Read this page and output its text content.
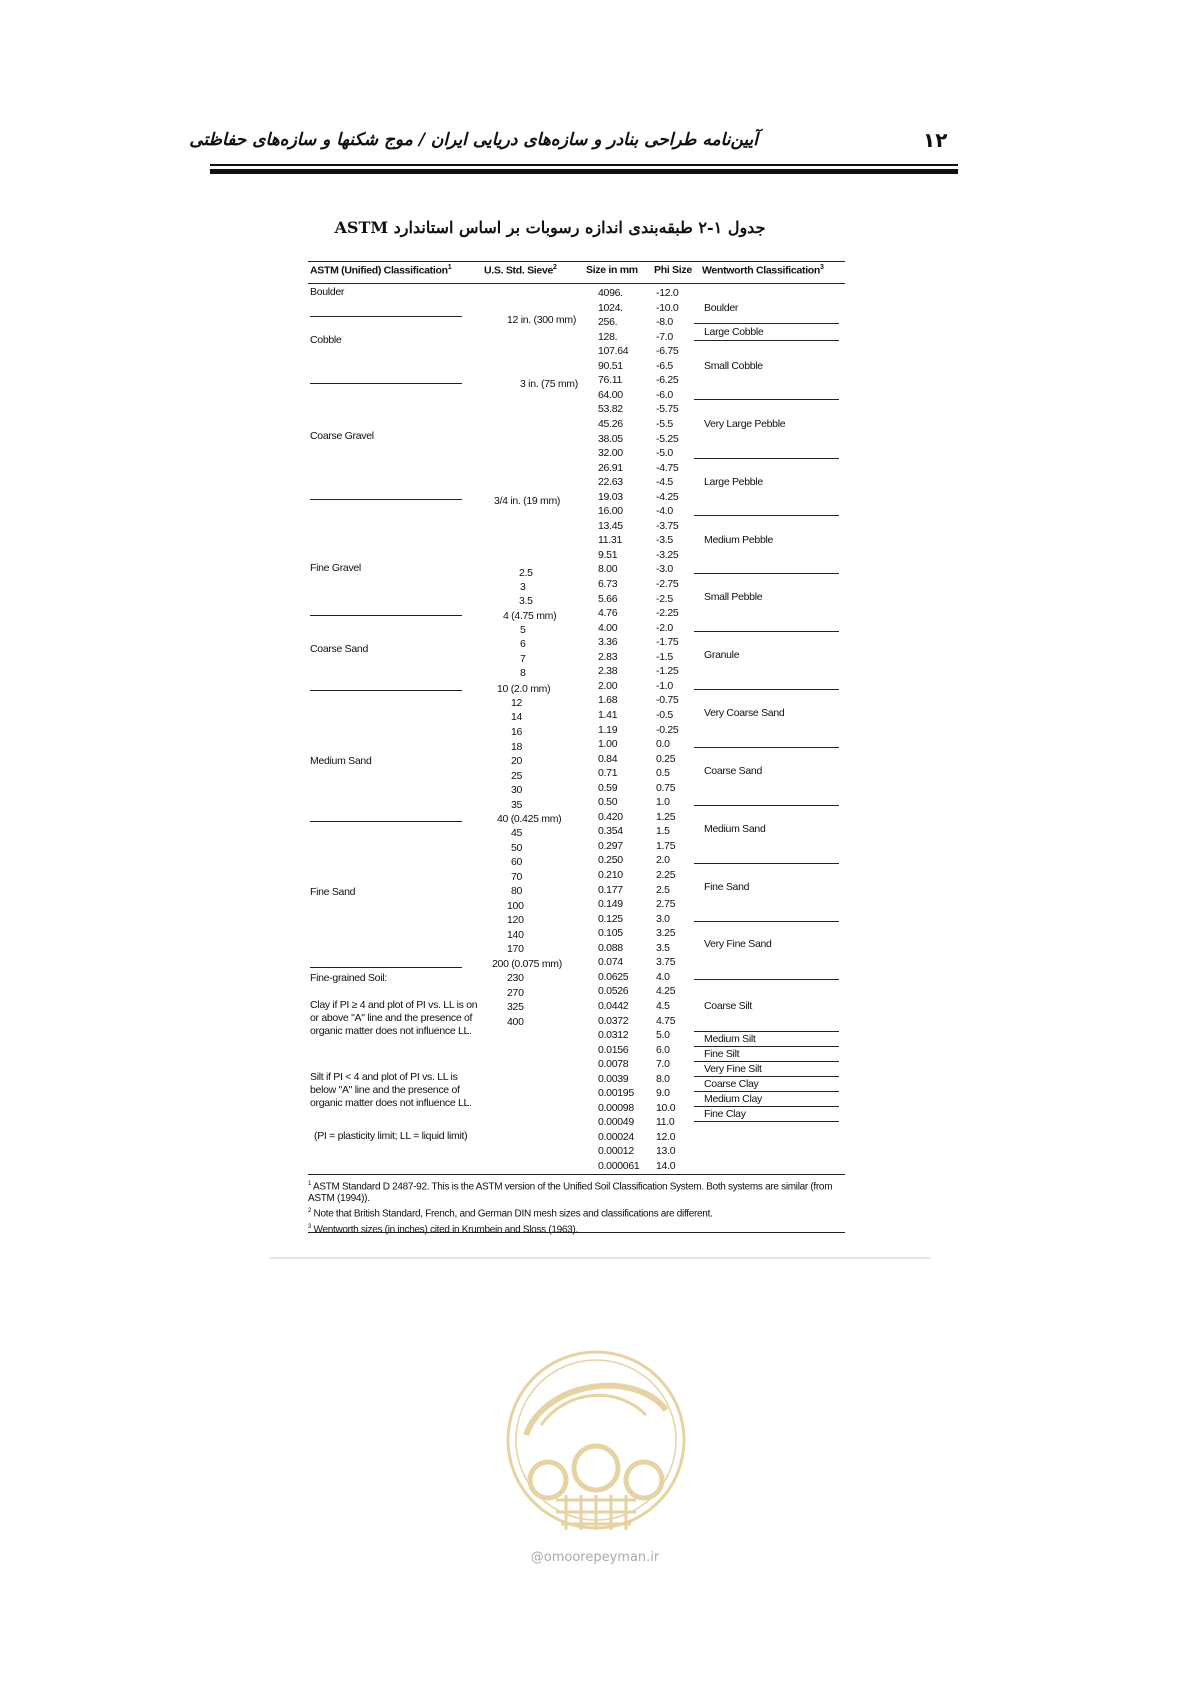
۱۲
آیین‌نامه طراحی بنادر و سازه‌های دریایی ایران / موج شکنها و سازه‌های حفاظتی
جدول ۱-۲ طبقه‌بندی اندازه رسوبات بر اساس استاندارد ASTM
ASTM (Unified) Classification$^1$	U.S. Std. Sieve$^2$	Size in mm Phi Size Wentworth Classification$^3$
4096.
1024.
256.
128.
107.64
90.51
76.11
64.00
53.82
45.26
38.05
32.00
26.91
22.63
19.03
16.00
13.45
11.31
9.51
8.00
6.73
5.66
4.76
4.00
3.36
2.83
2.38
2.00
1.68
1.41
1.19
1.00
0.84
0.71
0.59
0.50
0.420
0.354
0.297
0.250
0.210
0.177
0.149
0.125
0.105
0.088
0.074
0.0625
0.0526
0.0442
0.0372
0.0312
0.0156
0.0078
0.0039
0.00195
0.00098
0.00049
0.00024
0.00012
0.000061
-12.0
-10.0
-8.0
-7.0
-6.75
-6.5
-6.25
-6.0
-5.75
-5.5
-5.25
-5.0
-4.75
-4.5
-4.25
-4.0
-3.75
-3.5
-3.25
-3.0
-2.75
-2.5
-2.25
-2.0
-1.75
-1.5
-1.25
-1.0
-0.75
-0.5
-0.25
0.0
0.25
0.5
0.75
1.0
1.25
1.5
1.75
2.0
2.25
2.5
2.75
3.0
3.25
3.5
3.75
4.0
4.25
4.5
4.75
5.0
6.0
7.0
8.0
9.0
10.0
11.0
12.0
13.0
14.0
Boulder
Cobble
Coarse Gravel
Fine Gravel
Coarse Sand
Medium Sand
Fine Sand
Fine-grained Soil:
Clay if PI ≥ 4 and plot of PI vs. LL is on or above "A" line and the presence of organic matter does not influence LL.
Silt if PI < 4 and plot of PI vs. LL is below "A" line and the presence of organic matter does not influence LL.
(PI = plasticity limit; LL = liquid limit)
12 in. (300 mm)
3 in. (75 mm)
3/4 in. (19 mm)
2.5
3
3.5
4 (4.75 mm)
5
6
7
8
10 (2.0 mm)
12
14
16
18
20
25
30
35
40 (0.425 mm)
45
50
60
70
80
100
120
140
170
200 (0.075 mm)
230
270
325
400
Boulder
Large Cobble
Small Cobble
Very Large Pebble
Large Pebble
Medium Pebble
Small Pebble
Granule
Very Coarse Sand
Coarse Sand
Medium Sand
Fine Sand
Very Fine Sand
Coarse Silt
Medium Silt
Fine Silt
Very Fine Silt
Coarse Clay
Medium Clay
Fine Clay
$^1$ ASTM Standard D 2487-92. This is the ASTM version of the Unified Soil Classification System. Both systems are similar (from ASTM (1994)).
$^2$ Note that British Standard, French, and German DIN mesh sizes and classifications are different.
$^3$ Wentworth sizes (in inches) cited in Krumbein and Sloss (1963).
@omoorepeyman.ir
